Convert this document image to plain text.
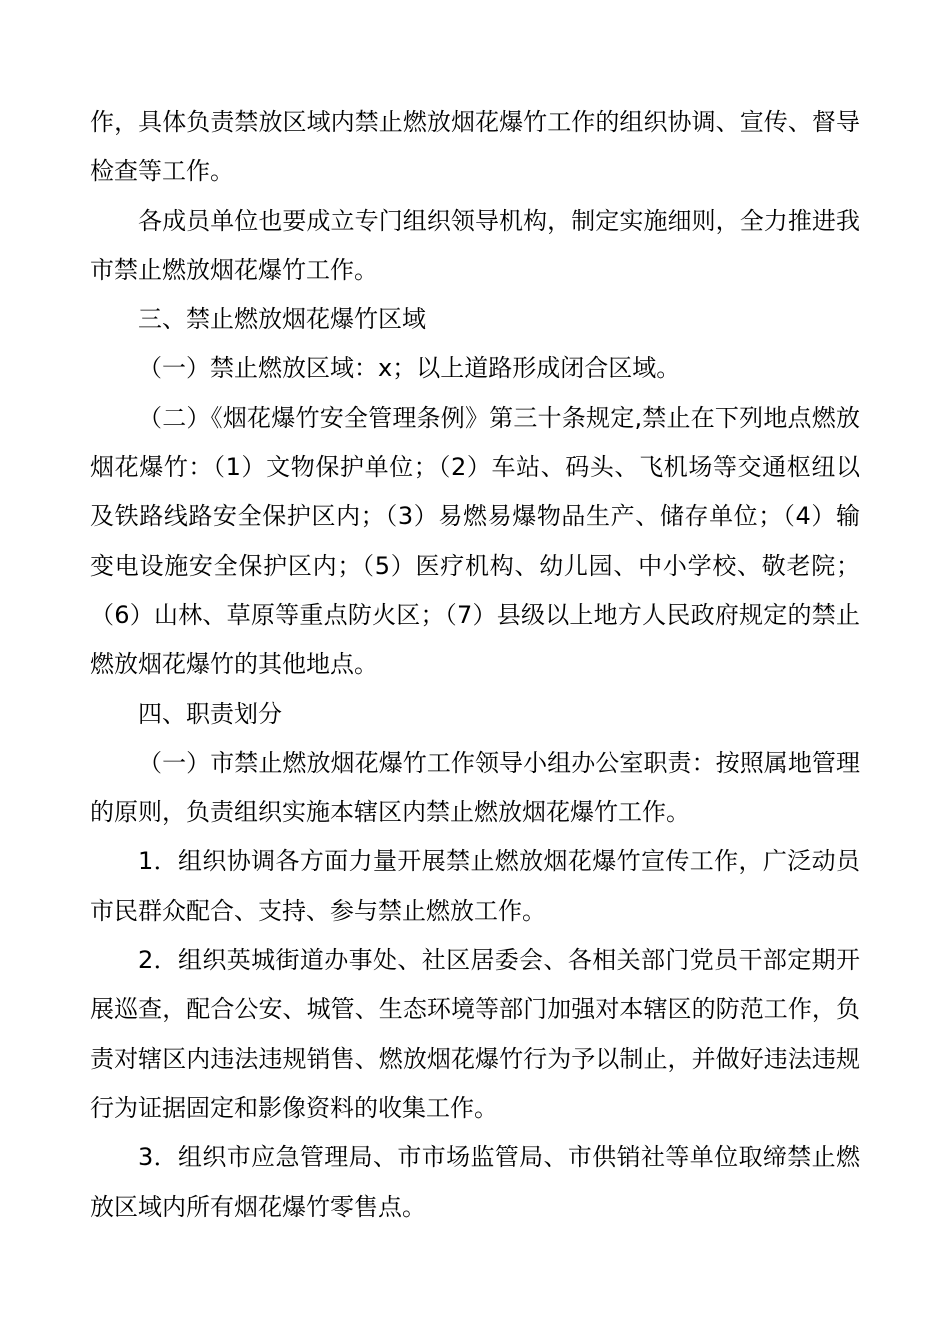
作，具体负责禁放区域内禁止燃放烟花爆竹工作的组织协调、宣传、督导检查等工作。

各成员单位也要成立专门组织领导机构，制定实施细则，全力推进我市禁止燃放烟花爆竹工作。

三、禁止燃放烟花爆竹区域

（一）禁止燃放区域：x；以上道路形成闭合区域。

（二）《烟花爆竹安全管理条例》第三十条规定,禁止在下列地点燃放烟花爆竹：（1）文物保护单位；（2）车站、码头、飞机场等交通枢纽以及铁路线路安全保护区内；（3）易燃易爆物品生产、储存单位；（4）输变电设施安全保护区内；（5）医疗机构、幼儿园、中小学校、敬老院；（6）山林、草原等重点防火区；（7）县级以上地方人民政府规定的禁止燃放烟花爆竹的其他地点。

四、职责划分

（一）市禁止燃放烟花爆竹工作领导小组办公室职责：按照属地管理的原则，负责组织实施本辖区内禁止燃放烟花爆竹工作。

1．组织协调各方面力量开展禁止燃放烟花爆竹宣传工作，广泛动员市民群众配合、支持、参与禁止燃放工作。

2．组织英城街道办事处、社区居委会、各相关部门党员干部定期开展巡查，配合公安、城管、生态环境等部门加强对本辖区的防范工作，负责对辖区内违法违规销售、燃放烟花爆竹行为予以制止，并做好违法违规行为证据固定和影像资料的收集工作。

3．组织市应急管理局、市市场监管局、市供销社等单位取缔禁止燃放区域内所有烟花爆竹零售点。
